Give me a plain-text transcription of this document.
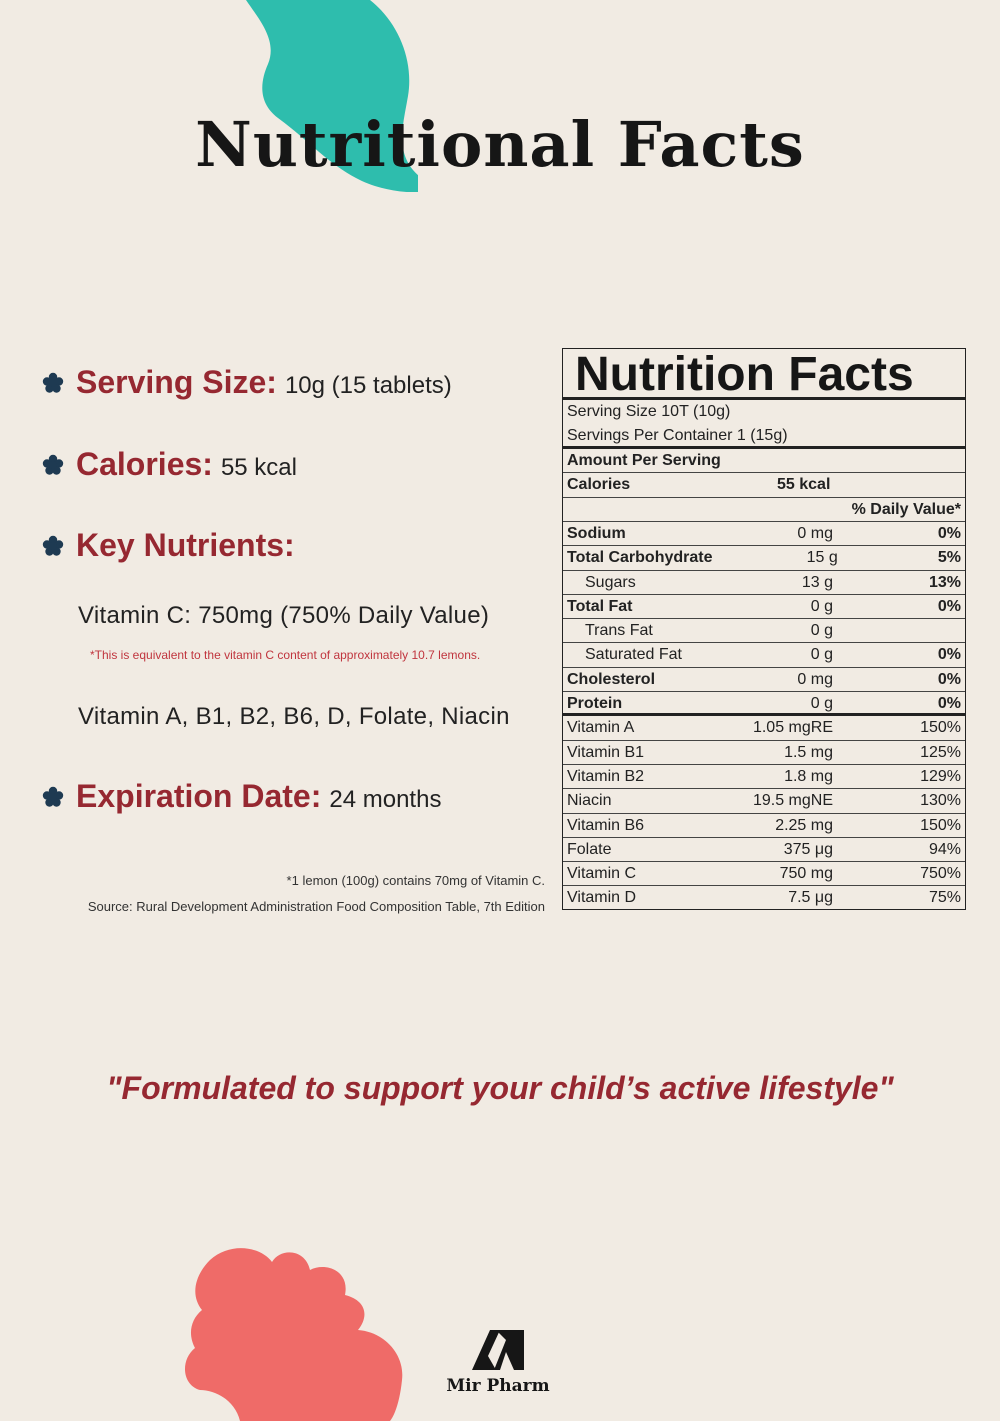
Nutritional Facts
Serving Size: 10g (15 tablets)
Calories: 55 kcal
Key Nutrients:
Vitamin C: 750mg (750% Daily Value)
*This is equivalent to the vitamin C content of approximately 10.7 lemons.
Vitamin A, B1, B2, B6, D, Folate, Niacin
Expiration Date: 24 months
*1 lemon (100g) contains 70mg of Vitamin C.
Source: Rural Development Administration Food Composition Table, 7th Edition
Nutrition Facts
Serving Size 10T (10g)
Servings Per Container 1 (15g)
Amount Per Serving
Calories	55 kcal
% Daily Value*
Sodium	0 mg	0%
Total Carbohydrate	15 g	5%
Sugars	13 g	13%
Total Fat	0 g	0%
Trans Fat	0 g
Saturated Fat	0 g	0%
Cholesterol	0 mg	0%
Protein	0 g	0%
Vitamin A	1.05 mgRE	150%
Vitamin B1	1.5 mg	125%
Vitamin B2	1.8 mg	129%
Niacin	19.5 mgNE	130%
Vitamin B6	2.25 mg	150%
Folate	375 μg	94%
Vitamin C	750 mg	750%
Vitamin D	7.5 μg	75%

"Formulated to support your child’s active lifestyle"

Mir Pharm
